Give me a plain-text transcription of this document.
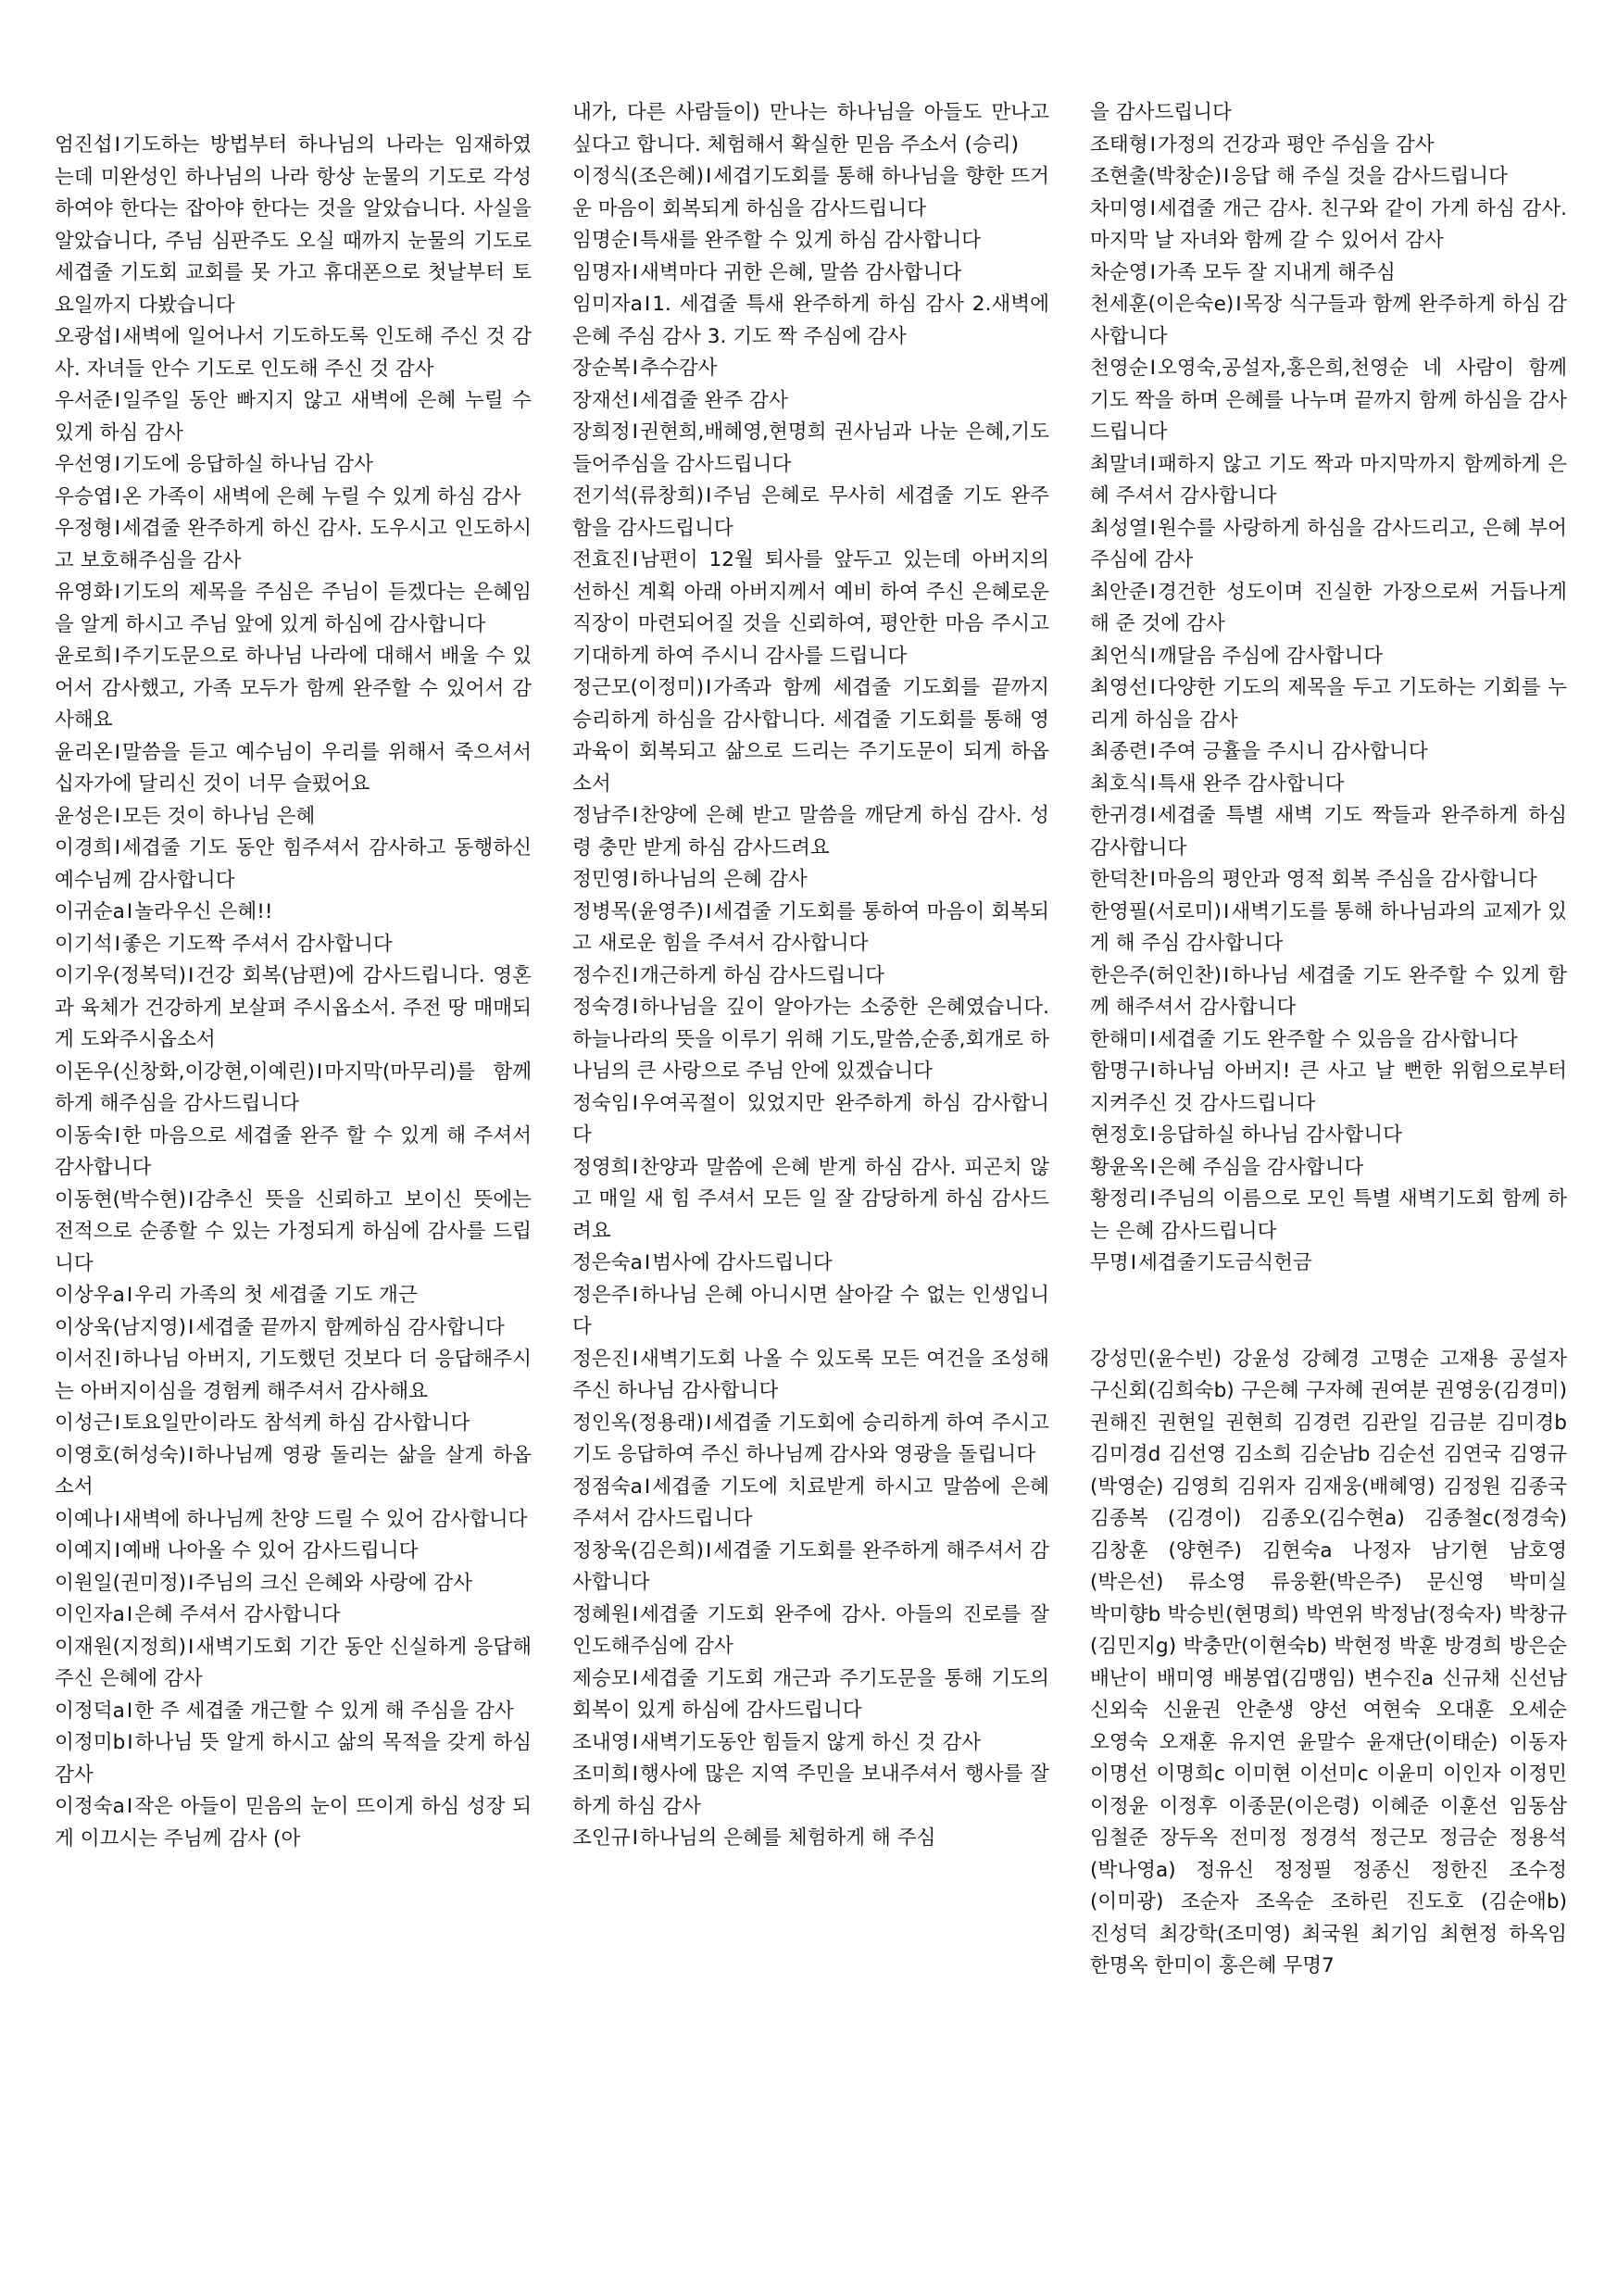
엄진섭I기도하는 방법부터 하나님의 나라는 임재하였는데 미완성인 하나님의 나라 항상 눈물의 기도로 각성하여야 한다는 잡아야 한다는 것을 알았습니다. 사실을 알았습니다, 주님 심판주도 오실 때까지 눈물의 기도로 세겹줄 기도회 교회를 못 가고 휴대폰으로 첫날부터 토요일까지 다봤습니다

오광섭I새벽에 일어나서 기도하도록 인도해 주신 것 감사. 자녀들 안수 기도로 인도해 주신 것 감사

우서준I일주일 동안 빠지지 않고 새벽에 은혜 누릴 수 있게 하심 감사

우선영I기도에 응답하실 하나님 감사

우승엽I온 가족이 새벽에 은혜 누릴 수 있게 하심 감사

우정형I세겹줄 완주하게 하신 감사. 도우시고 인도하시고 보호해주심을 감사

유영화I기도의 제목을 주심은 주님이 듣겠다는 은혜임을 알게 하시고 주님 앞에 있게 하심에 감사합니다

윤로희I주기도문으로 하나님 나라에 대해서 배울 수 있어서 감사했고, 가족 모두가 함께 완주할 수 있어서 감사해요

윤리온I말씀을 듣고 예수님이 우리를 위해서 죽으셔서 십자가에 달리신 것이 너무 슬펐어요

윤성은I모든 것이 하나님 은혜

이경희I세겹줄 기도 동안 힘주셔서 감사하고 동행하신 예수님께 감사합니다

이귀순aI놀라우신 은혜!!

이기석I좋은 기도짝 주셔서 감사합니다

이기우(정복덕)I건강 회복(남편)에 감사드립니다. 영혼과 육체가 건강하게 보살펴 주시옵소서. 주전 땅 매매되게 도와주시옵소서

이돈우(신창화,이강현,이예린)I마지막(마무리)를 함께 하게 해주심을 감사드립니다

이동숙I한 마음으로 세겹줄 완주 할 수 있게 해 주셔서 감사합니다

이동현(박수현)I감추신 뜻을 신뢰하고 보이신 뜻에는 전적으로 순종할 수 있는 가정되게 하심에 감사를 드립니다

이상우aI우리 가족의 첫 세겹줄 기도 개근

이상욱(남지영)I세겹줄 끝까지 함께하심 감사합니다

이서진I하나님 아버지, 기도했던 것보다 더 응답해주시는 아버지이심을 경험케 해주셔서 감사해요

이성근I토요일만이라도 참석케 하심 감사합니다

이영호(허성숙)I하나님께 영광 돌리는 삶을 살게 하옵소서

이예나I새벽에 하나님께 찬양 드릴 수 있어 감사합니다

이예지I예배 나아올 수 있어 감사드립니다

이원일(권미정)I주님의 크신 은혜와 사랑에 감사

이인자aI은혜 주셔서 감사합니다

이재원(지정희)I새벽기도회 기간 동안 신실하게 응답해 주신 은혜에 감사

이정덕aI한 주 세겹줄 개근할 수 있게 해 주심을 감사

이정미bI하나님 뜻 알게 하시고 삶의 목적을 갖게 하심 감사

이정숙aI작은 아들이 믿음의 눈이 뜨이게 하심 성장 되게 이끄시는 주님께 감사 (아

내가, 다른 사람들이) 만나는 하나님을 아들도 만나고 싶다고 합니다. 체험해서 확실한 믿음 주소서 (승리)

이정식(조은혜)I세겹기도회를 통해 하나님을 향한 뜨거운 마음이 회복되게 하심을 감사드립니다

임명순I특새를 완주할 수 있게 하심 감사합니다

임명자I새벽마다 귀한 은혜, 말씀 감사합니다

임미자aI1. 세겹줄 특새 완주하게 하심 감사 2.새벽에 은혜 주심 감사 3. 기도 짝 주심에 감사

장순복I추수감사

장재선I세겹줄 완주 감사

장희정I권현희,배혜영,현명희 권사님과 나눈 은혜,기도 들어주심을 감사드립니다

전기석(류창희)I주님 은혜로 무사히 세겹줄 기도 완주함을 감사드립니다

전효진I남편이 12월 퇴사를 앞두고 있는데 아버지의 선하신 계획 아래 아버지께서 예비 하여 주신 은혜로운 직장이 마련되어질 것을 신뢰하여, 평안한 마음 주시고 기대하게 하여 주시니 감사를 드립니다

정근모(이정미)I가족과 함께 세겹줄 기도회를 끝까지 승리하게 하심을 감사합니다. 세겹줄 기도회를 통해 영과육이 회복되고 삶으로 드리는 주기도문이 되게 하옵소서

정남주I찬양에 은혜 받고 말씀을 깨닫게 하심 감사. 성령 충만 받게 하심 감사드려요

정민영I하나님의 은혜 감사

정병목(윤영주)I세겹줄 기도회를 통하여 마음이 회복되고 새로운 힘을 주셔서 감사합니다

정수진I개근하게 하심 감사드립니다

정숙경I하나님을 깊이 알아가는 소중한 은혜였습니다. 하늘나라의 뜻을 이루기 위해 기도,말씀,순종,회개로 하나님의 큰 사랑으로 주님 안에 있겠습니다

정숙임I우여곡절이 있었지만 완주하게 하심 감사합니다

정영희I찬양과 말씀에 은혜 받게 하심 감사. 피곤치 않고 매일 새 힘 주셔서 모든 일 잘 감당하게 하심 감사드려요

정은숙aI범사에 감사드립니다

정은주I하나님 은혜 아니시면 살아갈 수 없는 인생입니다

정은진I새벽기도회 나올 수 있도록 모든 여건을 조성해 주신 하나님 감사합니다

정인옥(정용래)I세겹줄 기도회에 승리하게 하여 주시고 기도 응답하여 주신 하나님께 감사와 영광을 돌립니다

정점숙aI세겹줄 기도에 치료받게 하시고 말씀에 은혜 주셔서 감사드립니다

정창욱(김은희)I세겹줄 기도회를 완주하게 해주셔서 감사합니다

정혜원I세겹줄 기도회 완주에 감사. 아들의 진로를 잘 인도해주심에 감사

제승모I세겹줄 기도회 개근과 주기도문을 통해 기도의 회복이 있게 하심에 감사드립니다

조내영I새벽기도동안 힘들지 않게 하신 것 감사

조미희I행사에 많은 지역 주민을 보내주셔서 행사를 잘하게 하심 감사

조인규I하나님의 은혜를 체험하게 해 주심

을 감사드립니다

조태형I가정의 건강과 평안 주심을 감사

조현출(박창순)I응답 해 주실 것을 감사드립니다

차미영I세겹줄 개근 감사. 친구와 같이 가게 하심 감사. 마지막 날 자녀와 함께 갈 수 있어서 감사

차순영I가족 모두 잘 지내게 해주심

천세훈(이은숙e)I목장 식구들과 함께 완주하게 하심 감사합니다

천영순I오영숙,공설자,홍은희,천영순 네 사람이 함께 기도 짝을 하며 은혜를 나누며 끝까지 함께 하심을 감사드립니다

최말녀I패하지 않고 기도 짝과 마지막까지 함께하게 은혜 주셔서 감사합니다

최성열I원수를 사랑하게 하심을 감사드리고, 은혜 부어주심에 감사

최안준I경건한 성도이며 진실한 가장으로써 거듭나게 해 준 것에 감사

최언식I깨달음 주심에 감사합니다

최영선I다양한 기도의 제목을 두고 기도하는 기회를 누리게 하심을 감사

최종련I주여 긍휼을 주시니 감사합니다

최호식I특새 완주 감사합니다

한귀경I세겹줄 특별 새벽 기도 짝들과 완주하게 하심 감사합니다

한덕찬I마음의 평안과 영적 회복 주심을 감사합니다

한영필(서로미)I새벽기도를 통해 하나님과의 교제가 있게 해 주심 감사합니다

한은주(허인찬)I하나님 세겹줄 기도 완주할 수 있게 함께 해주셔서 감사합니다

한해미I세겹줄 기도 완주할 수 있음을 감사합니다

함명구I하나님 아버지! 큰 사고 날 뻔한 위험으로부터 지켜주신 것 감사드립니다

현정호I응답하실 하나님 감사합니다

황윤옥I은혜 주심을 감사합니다

황정리I주님의 이름으로 모인 특별 새벽기도회 함께 하는 은혜 감사드립니다

무명I세겹줄기도금식헌금

강성민(윤수빈) 강윤성 강혜경 고명순 고재용 공설자 구신회(김희숙b) 구은혜 구자혜 권여분 권영웅(김경미) 권해진 권현일 권현희 김경련 김관일 김금분 김미경b 김미경d 김선영 김소희 김순남b 김순선 김연국 김영규(박영순) 김영희 김위자 김재웅(배혜영) 김정원 김종국 김종복 (김경이) 김종오(김수현a) 김종철c(정경숙) 김창훈 (양현주) 김현숙a 나정자 남기현 남호영(박은선) 류소영 류웅환(박은주) 문신영 박미실 박미향b 박승빈(현명희) 박연위 박정남(정숙자) 박창규 (김민지g) 박충만(이현숙b) 박현정 박훈 방경희 방은순 배난이 배미영 배봉엽(김맹임) 변수진a 신규채 신선남 신외숙 신윤권 안춘생 양선 여현숙 오대훈 오세순 오영숙 오재훈 유지연 윤말수 윤재단(이태순) 이동자 이명선 이명희c 이미현 이선미c 이윤미 이인자 이정민 이정윤 이정후 이종문(이은령) 이혜준 이훈선 임동삼 임철준 장두옥 전미정 정경석 정근모 정금순 정용석(박나영a) 정유신 정정필 정종신 정한진 조수정(이미광) 조순자 조옥순 조하린 진도호 (김순애b) 진성덕 최강학(조미영) 최국원 최기임 최현정 하옥임 한명옥 한미이 홍은혜 무명7
